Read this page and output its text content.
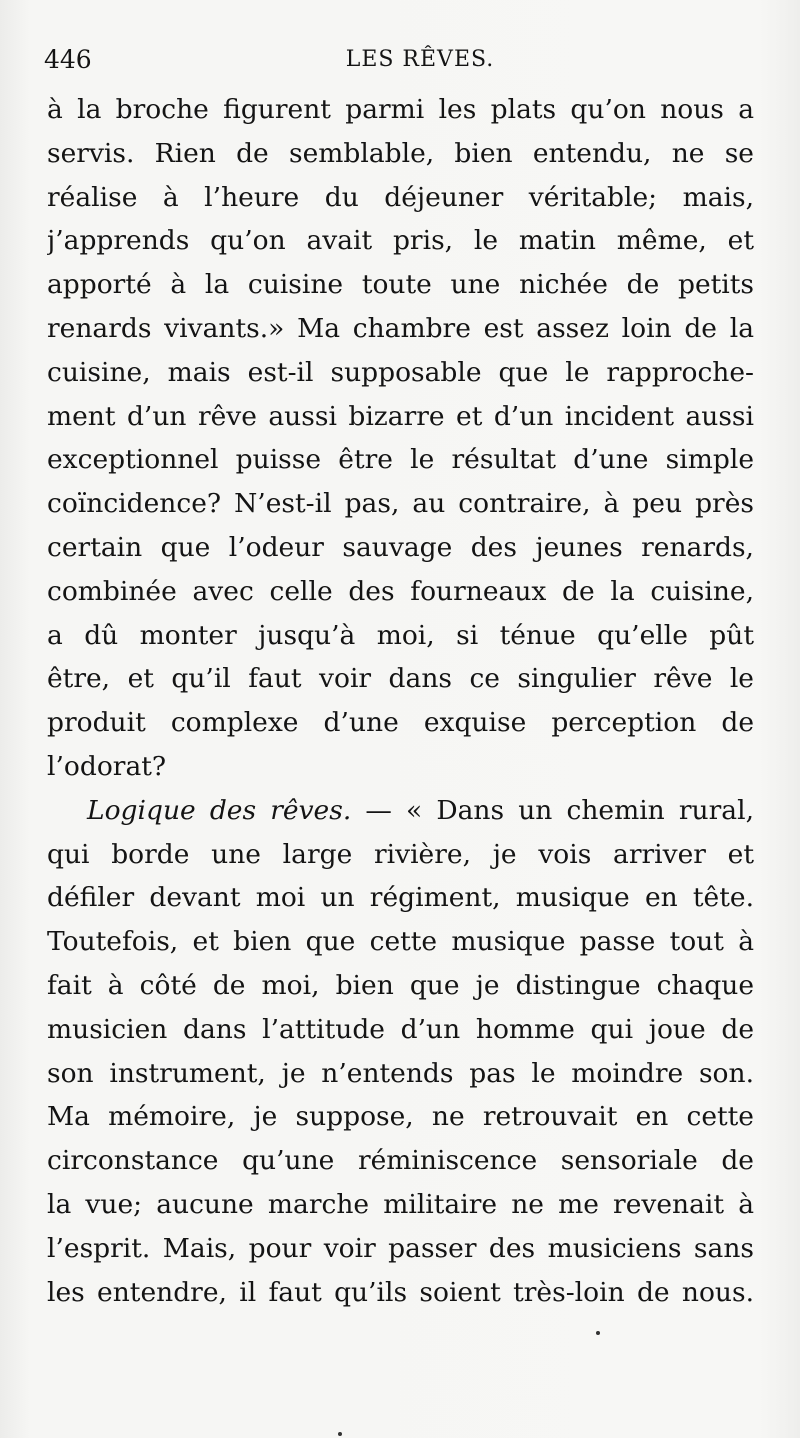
446	LES RÊVES.
à la broche figurent parmi les plats qu’on nous a
servis. Rien de semblable, bien entendu, ne se
réalise à l’heure du déjeuner véritable; mais,
j’apprends qu’on avait pris, le matin même, et
apporté à la cuisine toute une nichée de petits
renards vivants.» Ma chambre est assez loin de la
cuisine, mais est-il supposable que le rapproche-
ment d’un rêve aussi bizarre et d’un incident aussi
exceptionnel puisse être le résultat d’une simple
coïncidence? N’est-il pas, au contraire, à peu près
certain que l’odeur sauvage des jeunes renards,
combinée avec celle des fourneaux de la cuisine,
a dû monter jusqu’à moi, si ténue qu’elle pût
être, et qu’il faut voir dans ce singulier rêve le
produit complexe d’une exquise perception de
l’odorat?
Logique des rêves. — « Dans un chemin rural,
qui borde une large rivière, je vois arriver et
défiler devant moi un régiment, musique en tête.
Toutefois, et bien que cette musique passe tout à
fait à côté de moi, bien que je distingue chaque
musicien dans l’attitude d’un homme qui joue de
son instrument, je n’entends pas le moindre son.
Ma mémoire, je suppose, ne retrouvait en cette
circonstance qu’une réminiscence sensoriale de
la vue; aucune marche militaire ne me revenait à
l’esprit. Mais, pour voir passer des musiciens sans
les entendre, il faut qu’ils soient très-loin de nous.
